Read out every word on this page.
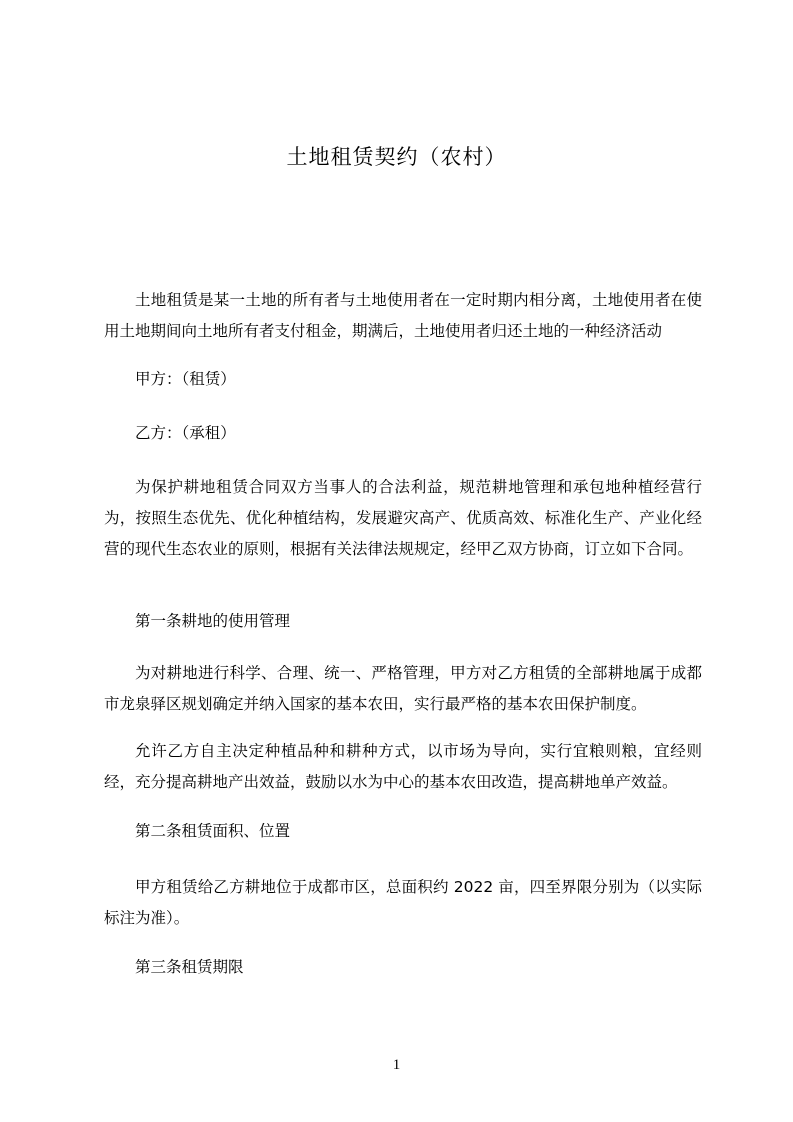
土地租赁契约（农村）

土地租赁是某一土地的所有者与土地使用者在一定时期内相分离，土地使用者在使用土地期间向土地所有者支付租金，期满后，土地使用者归还土地的一种经济活动

甲方：（租赁）

乙方：（承租）

为保护耕地租赁合同双方当事人的合法利益，规范耕地管理和承包地种植经营行为，按照生态优先、优化种植结构，发展避灾高产、优质高效、标准化生产、产业化经营的现代生态农业的原则，根据有关法律法规规定，经甲乙双方协商，订立如下合同。

第一条耕地的使用管理

为对耕地进行科学、合理、统一、严格管理，甲方对乙方租赁的全部耕地属于成都市龙泉驿区规划确定并纳入国家的基本农田，实行最严格的基本农田保护制度。

允许乙方自主决定种植品种和耕种方式，以市场为导向，实行宜粮则粮，宜经则经，充分提高耕地产出效益，鼓励以水为中心的基本农田改造，提高耕地单产效益。

第二条租赁面积、位置

甲方租赁给乙方耕地位于成都市区，总面积约 2022 亩，四至界限分别为（以实际标注为准）。

第三条租赁期限

1
